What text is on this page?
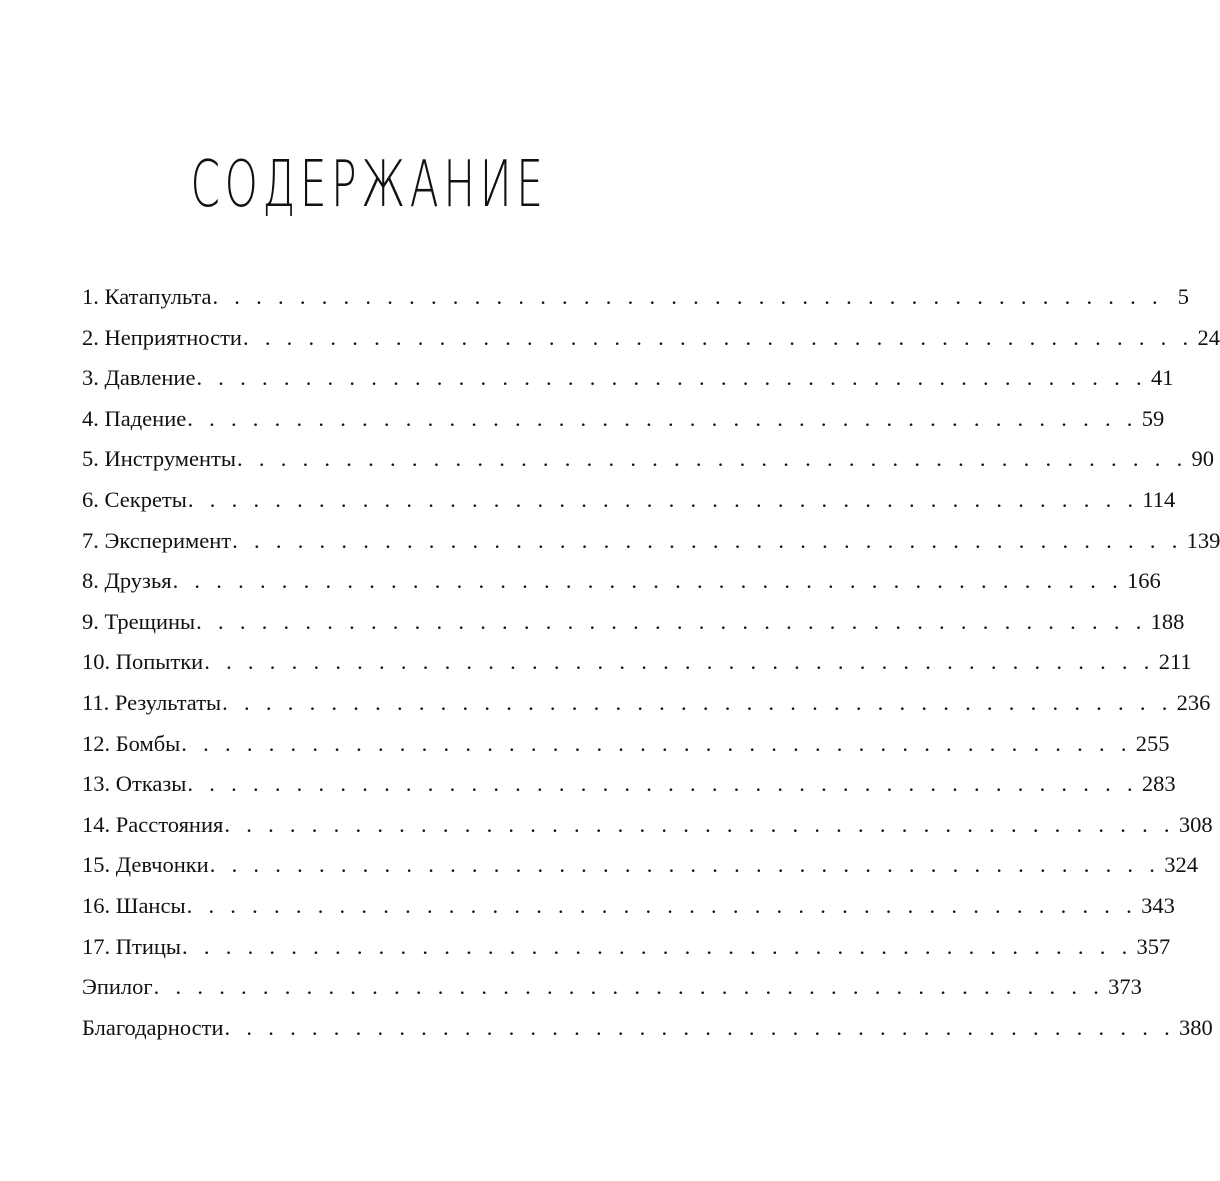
СОДЕРЖАНИЕ
1. Катапульта . . . . . . . . . . . . . . . . . . . . . . . . . . . . . . . . . . . . . . . . . . . . 5
2. Неприятности . . . . . . . . . . . . . . . . . . . . . . . . . . . . . . . . . . . . . . . . . . . . 24
3. Давление . . . . . . . . . . . . . . . . . . . . . . . . . . . . . . . . . . . . . . . . . . . . 41
4. Падение . . . . . . . . . . . . . . . . . . . . . . . . . . . . . . . . . . . . . . . . . . . . 59
5. Инструменты . . . . . . . . . . . . . . . . . . . . . . . . . . . . . . . . . . . . . . . . . . . . 90
6. Секреты . . . . . . . . . . . . . . . . . . . . . . . . . . . . . . . . . . . . . . . . . . . . 114
7. Эксперимент . . . . . . . . . . . . . . . . . . . . . . . . . . . . . . . . . . . . . . . . . . . . 139
8. Друзья . . . . . . . . . . . . . . . . . . . . . . . . . . . . . . . . . . . . . . . . . . . . 166
9. Трещины . . . . . . . . . . . . . . . . . . . . . . . . . . . . . . . . . . . . . . . . . . . . 188
10. Попытки . . . . . . . . . . . . . . . . . . . . . . . . . . . . . . . . . . . . . . . . . . . . 211
11. Результаты . . . . . . . . . . . . . . . . . . . . . . . . . . . . . . . . . . . . . . . . . . . . 236
12. Бомбы . . . . . . . . . . . . . . . . . . . . . . . . . . . . . . . . . . . . . . . . . . . . 255
13. Отказы . . . . . . . . . . . . . . . . . . . . . . . . . . . . . . . . . . . . . . . . . . . . 283
14. Расстояния . . . . . . . . . . . . . . . . . . . . . . . . . . . . . . . . . . . . . . . . . . . . 308
15. Девчонки . . . . . . . . . . . . . . . . . . . . . . . . . . . . . . . . . . . . . . . . . . . . 324
16. Шансы . . . . . . . . . . . . . . . . . . . . . . . . . . . . . . . . . . . . . . . . . . . . 343
17. Птицы . . . . . . . . . . . . . . . . . . . . . . . . . . . . . . . . . . . . . . . . . . . . 357
Эпилог . . . . . . . . . . . . . . . . . . . . . . . . . . . . . . . . . . . . . . . . . . . . 373
Благодарности . . . . . . . . . . . . . . . . . . . . . . . . . . . . . . . . . . . . . . . . . . . . 380
